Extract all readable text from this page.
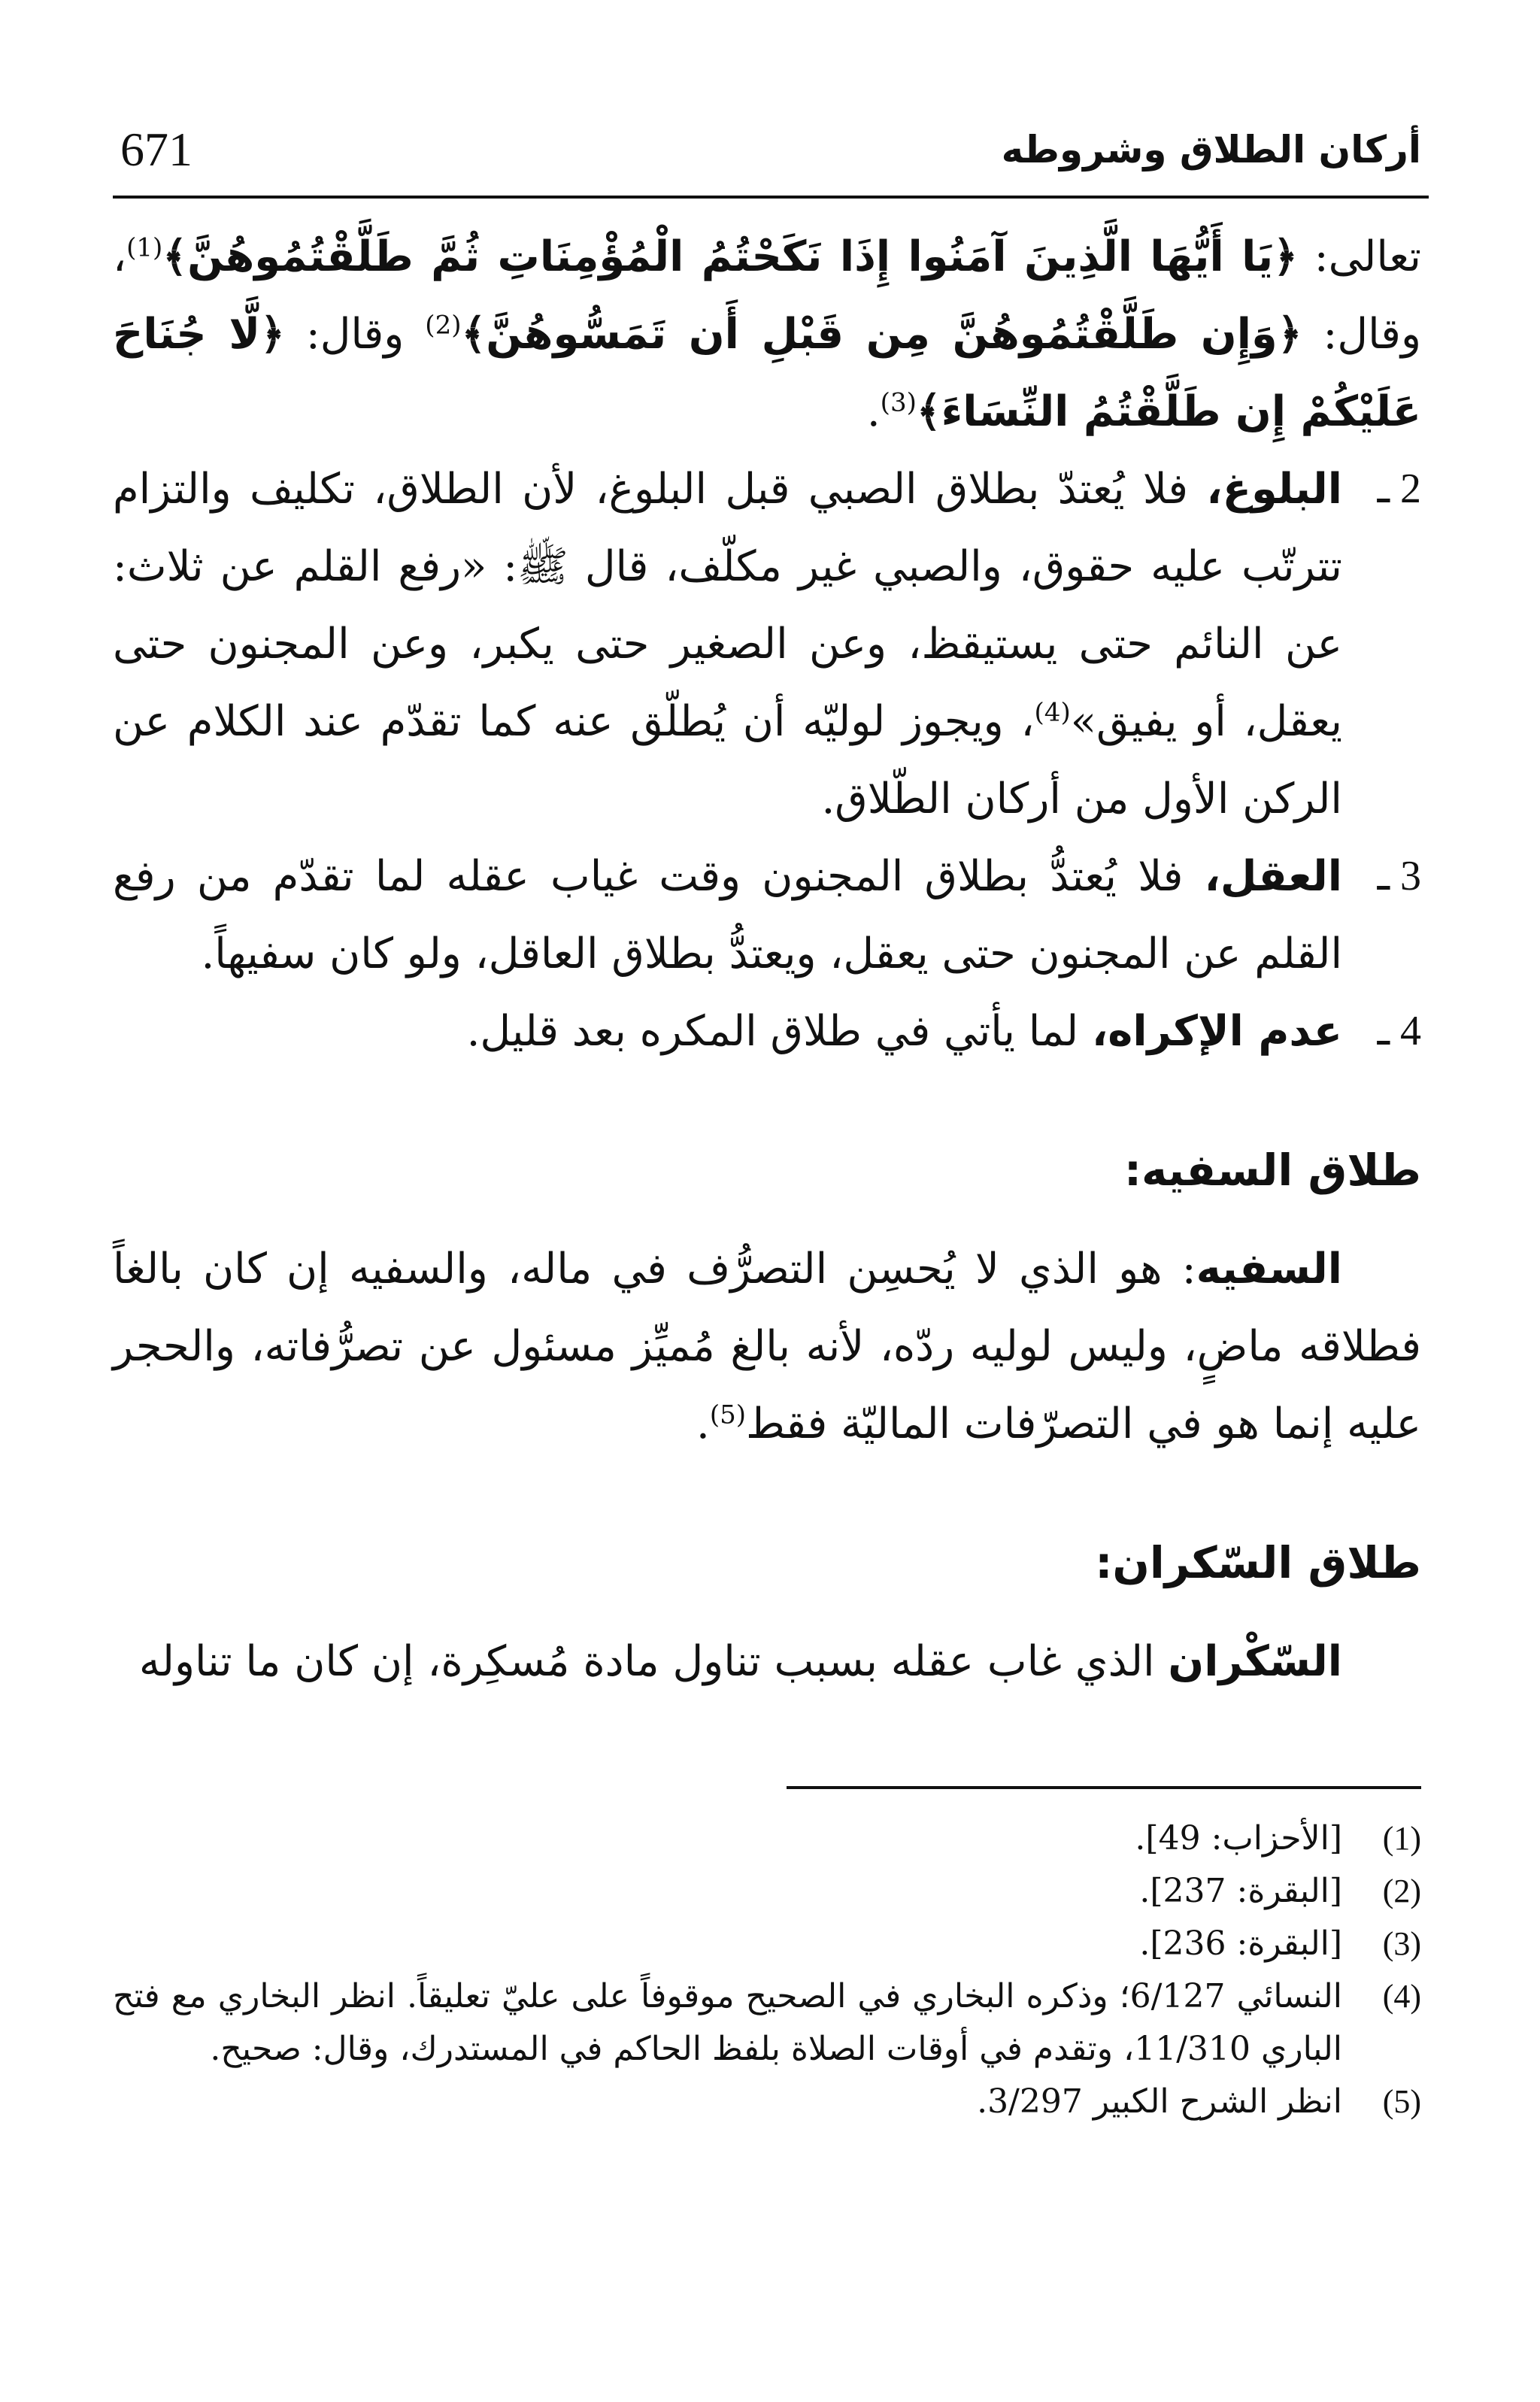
671	أركان الطلاق وشروطه

تعالى: ﴿يَا أَيُّهَا الَّذِينَ آمَنُوا إِذَا نَكَحْتُمُ الْمُؤْمِنَاتِ ثُمَّ طَلَّقْتُمُوهُنَّ﴾$^{(1)}$، وقال: ﴿وَإِن طَلَّقْتُمُوهُنَّ مِن قَبْلِ أَن تَمَسُّوهُنَّ﴾$^{(2)}$ وقال: ﴿لَّا جُنَاحَ عَلَيْكُمْ إِن طَلَّقْتُمُ النِّسَاءَ﴾$^{(3)}$.

2 ـ
البلوغ، فلا يُعتدّ بطلاق الصبي قبل البلوغ، لأن الطلاق، تكليف والتزام تترتّب عليه حقوق، والصبي غير مكلّف، قال ﷺ: «رفع القلم عن ثلاث: عن النائم حتى يستيقظ، وعن الصغير حتى يكبر، وعن المجنون حتى يعقل، أو يفيق»$^{(4)}$، ويجوز لوليّه أن يُطلّق عنه كما تقدّم عند الكلام عن الركن الأول من أركان الطّلاق.

3 ـ
العقل، فلا يُعتدُّ بطلاق المجنون وقت غياب عقله لما تقدّم من رفع القلم عن المجنون حتى يعقل، ويعتدُّ بطلاق العاقل، ولو كان سفيهاً.

4 ـ
عدم الإكراه، لما يأتي في طلاق المكره بعد قليل.

طلاق السفيه:

السفيه: هو الذي لا يُحسِن التصرُّف في ماله، والسفيه إن كان بالغاً فطلاقه ماضٍ، وليس لوليه ردّه، لأنه بالغ مُميِّز مسئول عن تصرُّفاته، والحجر عليه إنما هو في التصرّفات الماليّة فقط$^{(5)}$.

طلاق السّكران:

السّكْران الذي غاب عقله بسبب تناول مادة مُسكِرة، إن كان ما تناوله

(1)
[الأحزاب: 49].
(2)
[البقرة: 237].
(3)
[البقرة: 236].
(4)
النسائي 6/127؛ وذكره البخاري في الصحيح موقوفاً على عليّ تعليقاً. انظر البخاري مع فتح الباري 11/310، وتقدم في أوقات الصلاة بلفظ الحاكم في المستدرك، وقال: صحيح.
(5)
انظر الشرح الكبير 3/297.
